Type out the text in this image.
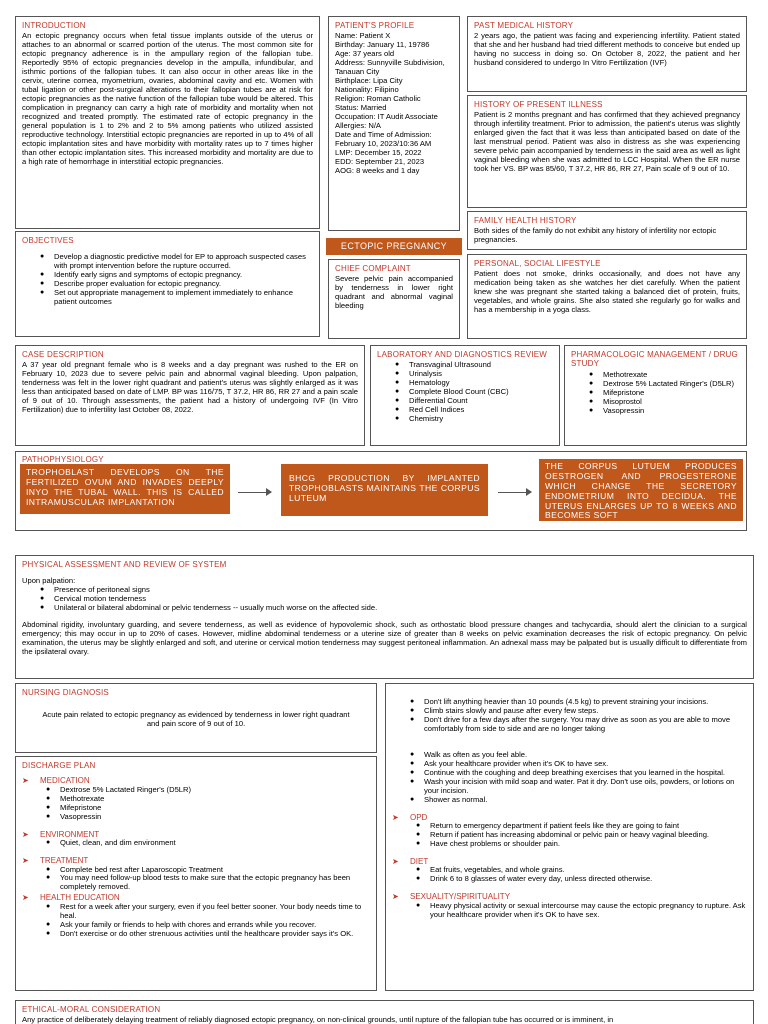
INTRODUCTION
An ectopic pregnancy occurs when fetal tissue implants outside of the uterus or attaches to an abnormal or scarred portion of the uterus. The most common site for ectopic pregnancy adherence is in the ampullary region of the fallopian tube. Reportedly 95% of ectopic pregnancies develop in the ampulla, infundibular, and isthmic portions of the fallopian tubes. It can also occur in other areas like in the cervix, uterine cornea, myometrium, ovaries, abdominal cavity and etc. Women with tubal ligation or other post-surgical alterations to their fallopian tubes are at risk for ectopic pregnancies as the native function of the fallopian tube would be altered. This complication in pregnancy can carry a high rate of morbidity and mortality when not recognized and treated promptly. The estimated rate of ectopic pregnancy in the general population is 1 to 2% and 2 to 5% among patients who utilized assisted reproductive technology. Interstitial ectopic pregnancies are reported in up to 4% of all ectopic implantation sites and have morbidity with mortality rates up to 7 times higher than other ectopic implantation sites. This increased morbidity and mortality are due to a high rate of hemorrhage in interstitial ectopic pregnancies.
OBJECTIVES
● Develop a diagnostic predictive model for EP to approach suspected cases with prompt intervention before the rupture occurred.
● Identify early signs and symptoms of ectopic pregnancy.
● Describe proper evaluation for ectopic pregnancy.
● Set out appropriate management to implement immediately to enhance patient outcomes
PATIENT'S PROFILE
Name: Patient X
Birthday: January 11, 19786
Age: 37 years old
Address: Sunnyville Subdivision, Tanauan City
Birthplace: Lipa City
Nationality: Filipino
Religion: Roman Catholic
Status: Married
Occupation: IT Audit Associate
Allergies: N/A
Date and Time of Admission: February 10, 2023/10:36 AM
LMP: December 15, 2022
EDD: September 21, 2023
AOG: 8 weeks and 1 day
ECTOPIC PREGNANCY
CHIEF COMPLAINT
Severe pelvic pain accompanied by tenderness in lower right quadrant and abnormal vaginal bleeding
PAST MEDICAL HISTORY
2 years ago, the patient was facing and experiencing infertility. Patient stated that she and her husband had tried different methods to conceive but ended up having no success in doing so. On October 8, 2022, the patient and her husband considered to undergo In Vitro Fertilization (IVF)
HISTORY OF PRESENT ILLNESS
Patient is 2 months pregnant and has confirmed that they achieved pregnancy through infertility treatment. Prior to admission, the patient's uterus was slightly enlarged given the fact that it was less than anticipated based on date of the last menstrual period. Patient was also in distress as she was experiencing severe pelvic pain accompanied by tenderness in the said area as well as light vaginal bleeding when she was admitted to LCC Hospital. When the ER nurse took her VS. BP was 85/60, T 37.2, HR 86, RR 27, Pain scale of 9 out of 10.
FAMILY HEALTH HISTORY
Both sides of the family do not exhibit any history of infertility nor ectopic pregnancies.
PERSONAL, SOCIAL LIFESTYLE
Patient does not smoke, drinks occasionally, and does not have any medication being taken as she watches her diet carefully. When the patient knew she was pregnant she started taking a balanced diet of protein, fruits, vegetables, and whole grains. She also stated she regularly go for walks and has a membership in a yoga class.
CASE DESCRIPTION
A 37 year old pregnant female who is 8 weeks and a day pregnant was rushed to the ER on February 10, 2023 due to severe pelvic pain and abnormal vaginal bleeding. Upon palpation, tenderness was felt in the lower right quadrant and patient's uterus was slightly enlarged as it was less than anticipated based on date of LMP. BP was 116/75, T 37.2, HR 86, RR 27 and a pain scale of 9 out of 10. Through assessments, the patient had a history of undergoing IVF (In Vitro Fertilization) due to infertility last October 08, 2022.
LABORATORY AND DIAGNOSTICS REVIEW
● Transvaginal Ultrasound
● Urinalysis
● Hematology
● Complete Blood Count (CBC)
● Differential Count
● Red Cell Indices
● Chemistry
PHARMACOLOGIC MANAGEMENT / DRUG STUDY
● Methotrexate
● Dextrose 5% Lactated Ringer's (D5LR)
● Mifepristone
● Misoprostol
● Vasopressin
PATHOPHYSIOLOGY
TROPHOBLAST DEVELOPS ON THE FERTILIZED OVUM AND INVADES DEEPLY INYO THE TUBAL WALL. THIS IS CALLED INTRAMUSCULAR IMPLANTATION
BHCG PRODUCTION BY IMPLANTED TROPHOBLASTS MAINTAINS THE CORPUS LUTEUM
THE CORPUS LUTUEM PRODUCES OESTROGEN AND PROGESTERONE WHICH CHANGE THE SECRETORY ENDOMETRIUM INTO DECIDUA. THE UTERUS ENLARGES UP TO 8 WEEKS AND BECOMES SOFT
PHYSICAL ASSESSMENT AND REVIEW OF SYSTEM
Upon palpation:
● Presence of peritoneal signs
● Cervical motion tenderness
● Unilateral or bilateral abdominal or pelvic tenderness -- usually much worse on the affected side.
Abdominal rigidity, involuntary guarding, and severe tenderness, as well as evidence of hypovolemic shock, such as orthostatic blood pressure changes and tachycardia, should alert the clinician to a surgical emergency; this may occur in up to 20% of cases. However, midline abdominal tenderness or a uterine size of greater than 8 weeks on pelvic examination decreases the risk of ectopic pregnancy. On pelvic examination, the uterus may be slightly enlarged and soft, and uterine or cervical motion tenderness may suggest peritoneal inflammation. An adnexal mass may be palpated but is usually difficult to differentiate from the ipsilateral ovary.
NURSING DIAGNOSIS
Acute pain related to ectopic pregnancy as evidenced by tenderness in lower right quadrant and pain score of 9 out of 10.
DISCHARGE PLAN
➤ MEDICATION
● Dextrose 5% Lactated Ringer's (D5LR)
● Methotrexate
● Mifepristone
● Vasopressin
➤ ENVIRONMENT
● Quiet, clean, and dim environment
➤ TREATMENT
● Complete bed rest after Laparoscopic Treatment
● You may need follow-up blood tests to make sure that the ectopic pregnancy has been completely removed.
➤ HEALTH EDUCATION
● Rest for a week after your surgery, even if you feel better sooner. Your body needs time to heal.
● Ask your family or friends to help with chores and errands while you recover.
● Don't exercise or do other strenuous activities until the healthcare provider says it's OK.
● Don't lift anything heavier than 10 pounds (4.5 kg) to prevent straining your incisions.
● Climb stairs slowly and pause after every few steps.
● Don't drive for a few days after the surgery. You may drive as soon as you are able to move comfortably from side to side and are no longer taking
● Walk as often as you feel able.
● Ask your healthcare provider when it's OK to have sex.
● Continue with the coughing and deep breathing exercises that you learned in the hospital.
● Wash your incision with mild soap and water. Pat it dry. Don't use oils, powders, or lotions on your incision.
● Shower as normal.
➤ OPD
● Return to emergency department if patient feels like they are going to faint
● Return if patient has increasing abdominal or pelvic pain or heavy vaginal bleeding.
● Have chest problems or shoulder pain.
➤ DIET
● Eat fruits, vegetables, and whole grains.
● Drink 6 to 8 glasses of water every day, unless directed otherwise.
➤ SEXUALITY/SPIRITUALITY
● Heavy physical activity or sexual intercourse may cause the ectopic pregnancy to rupture. Ask your healthcare provider when it's OK to have sex.
ETHICAL-MORAL CONSIDERATION
Any practice of deliberately delaying treatment of reliably diagnosed ectopic pregnancy, on non-clinical grounds, until rupture of the fallopian tube has occurred or is imminent, in
